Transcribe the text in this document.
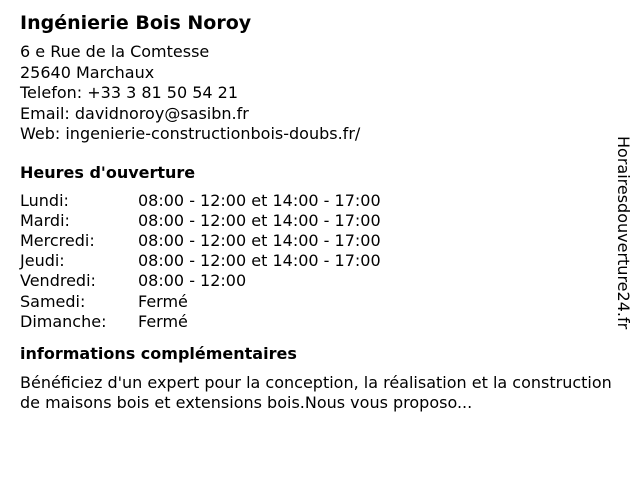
Ingénierie Bois Noroy
6 e Rue de la Comtesse
25640 Marchaux
Telefon: +33 3 81 50 54 21
Email: davidnoroy@sasibn.fr
Web: ingenierie-constructionbois-doubs.fr/
Heures d'ouverture
Lundi:	08:00 - 12:00 et 14:00 - 17:00
Mardi:	08:00 - 12:00 et 14:00 - 17:00
Mercredi:	08:00 - 12:00 et 14:00 - 17:00
Jeudi:	08:00 - 12:00 et 14:00 - 17:00
Vendredi:	08:00 - 12:00
Samedi:	Fermé
Dimanche:	Fermé
informations complémentaires
Bénéficiez d'un expert pour la conception, la réalisation et la construction de maisons bois et extensions bois.Nous vous proposo...
Horairesdouverture24.fr
